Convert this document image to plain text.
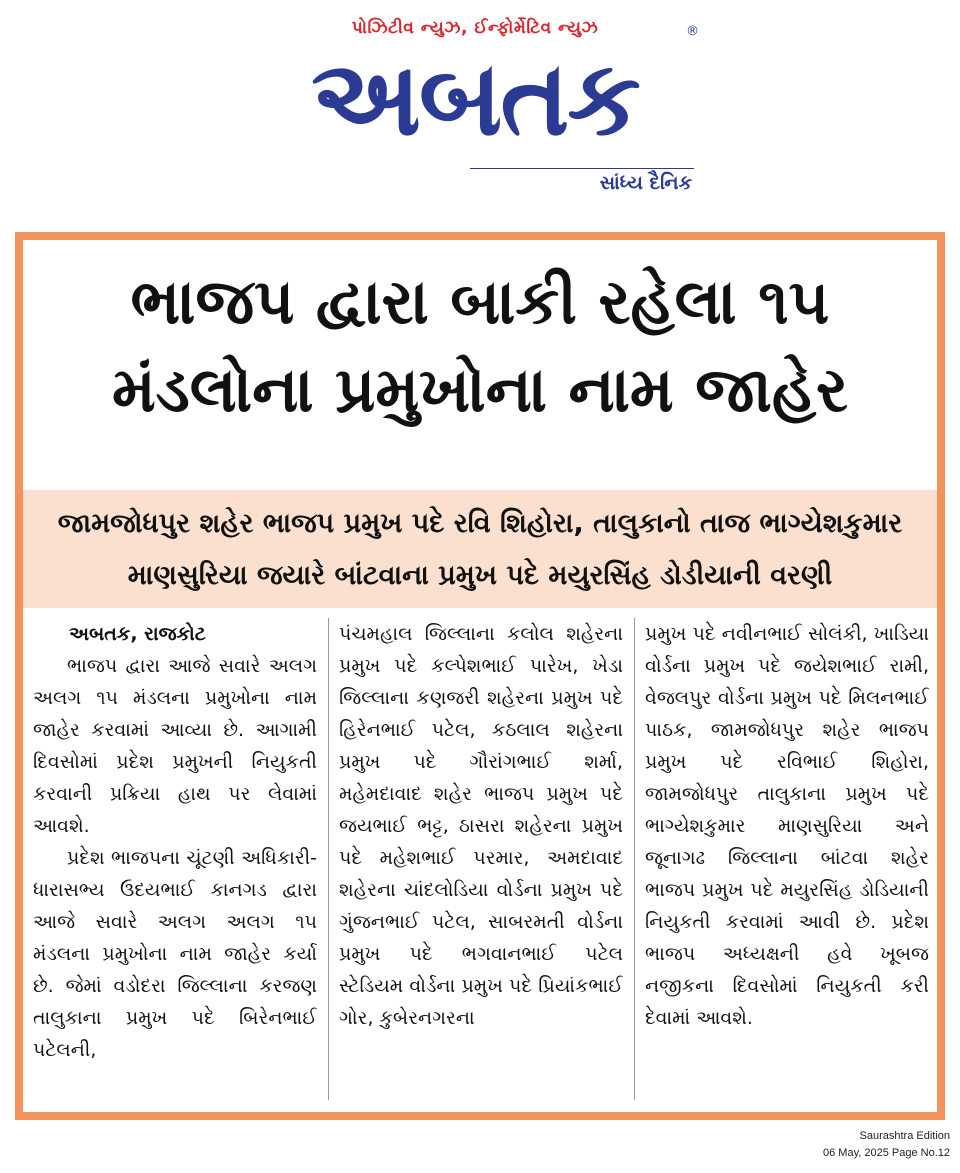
પોઝિટીવ ન્યુઝ, ઈન્ફોર્મેટિવ ન્યુઝ
અબતક
®
સાંધ્ય દૈનિક
ભાજપ દ્વારા બાકી રહેલા ૧૫
મંડલોના પ્રમુખોના નામ જાહેર
જામજોધપુર શહેર ભાજપ પ્રમુખ પદે રવિ શિહોરા, તાલુકાનો તાજ ભાગ્યેશકુમાર
માણસુરિયા જયારે બાંટવાના પ્રમુખ પદે મયુરસિંહ ડોડીયાની વરણી
અબતક, રાજકોટ

ભાજપ દ્વારા આજે સવારે અલગ અલગ ૧૫ મંડલના પ્રમુખોના નામ જાહેર કરવામાં આવ્યા છે. આગામી દિવસોમાં પ્રદેશ પ્રમુખની નિયુકતી કરવાની પ્રક્રિયા હાથ પર લેવામાં આવશે.

પ્રદેશ ભાજપના ચૂંટણી અધિકારી-ધારાસભ્ય ઉદયભાઈ કાનગડ દ્વારા આજે સવારે અલગ અલગ ૧૫ મંડલના પ્રમુખોના નામ જાહેર કર્યા છે. જેમાં વડોદરા જિલ્લાના કરજણ તાલુકાના પ્રમુખ પદે બિરેનભાઈ પટેલની,

પંચમહાલ જિલ્લાના કલોલ શહેરના પ્રમુખ પદે કલ્પેશભાઈ પારેખ, ખેડા જિલ્લાના કણજરી શહેરના પ્રમુખ પદે હિરેનભાઈ પટેલ, કઠલાલ શહેરના પ્રમુખ પદે ગૌરાંગભાઈ શર્મા, મહેમદાવાદ શહેર ભાજપ પ્રમુખ પદે જયભાઈ ભટ્ટ, ઠાસરા શહેરના પ્રમુખ પદે મહેશભાઈ પરમાર, અમદાવાદ શહેરના ચાંદલોડિયા વોર્ડના પ્રમુખ પદે ગુંજનભાઈ પટેલ, સાબરમતી વોર્ડના પ્રમુખ પદે ભગવાનભાઈ પટેલ સ્ટેડિયમ વોર્ડના પ્રમુખ પદે પ્રિયાંકભાઈ ગોર, કુબેરનગરના

પ્રમુખ પદે નવીનભાઈ સોલંકી, ખાડિયા વોર્ડના પ્રમુખ પદે જયેશભાઈ રામી, વેજલપુર વોર્ડના પ્રમુખ પદે મિલનભાઈ પાઠક, જામજોધપુર શહેર ભાજપ પ્રમુખ પદે રવિભાઈ શિહોરા, જામજોધપુર તાલુકાના પ્રમુખ પદે ભાગ્યેશકુમાર માણસુરિયા અને જૂનાગઢ જિલ્લાના બાંટવા શહેર ભાજપ પ્રમુખ પદે મયુરસિંહ ડોડિયાની નિયુકતી કરવામાં આવી છે. પ્રદેશ ભાજપ અધ્યક્ષની હવે ખૂબજ નજીકના દિવસોમાં નિયુકતી કરી દેવામાં આવશે.

Saurashtra Edition
06 May, 2025 Page No.12
